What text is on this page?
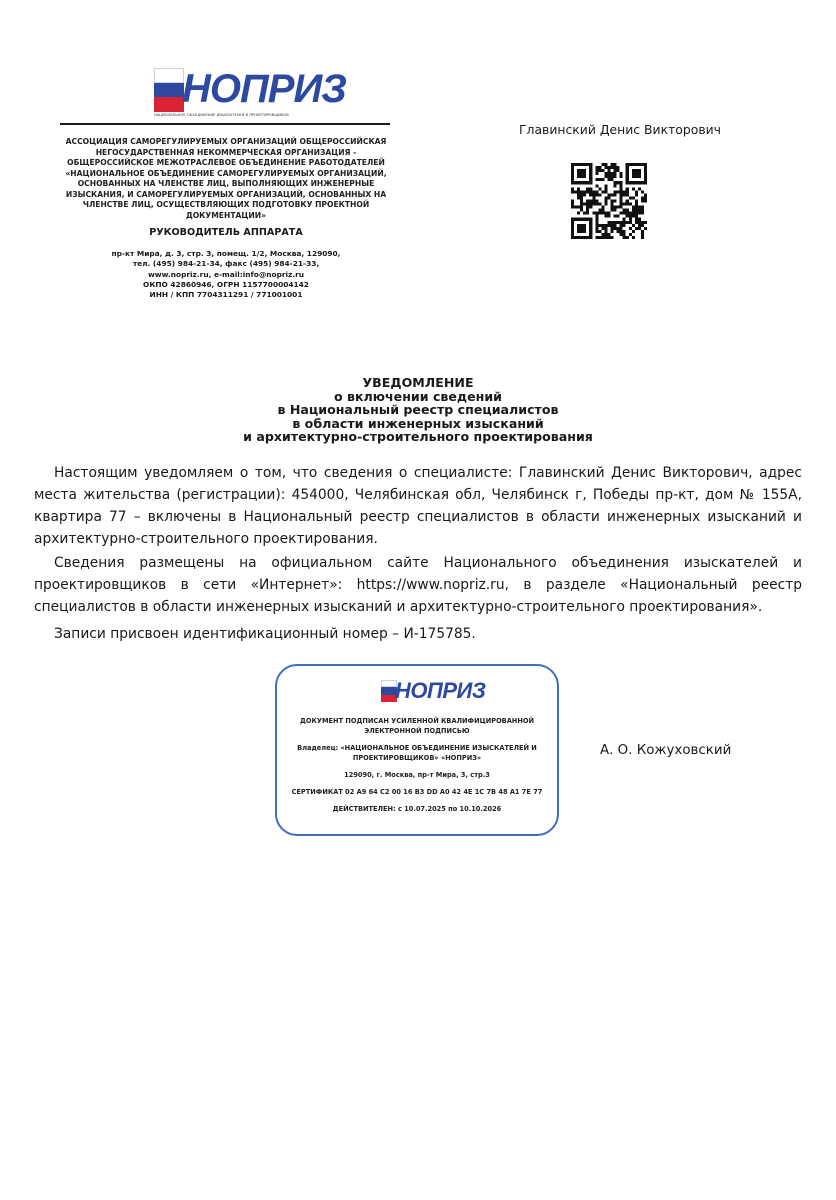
НОПРИЗ
НАЦИОНАЛЬНОЕ ОБЪЕДИНЕНИЕ ИЗЫСКАТЕЛЕЙ И ПРОЕКТИРОВЩИКОВ
АССОЦИАЦИЯ САМОРЕГУЛИРУЕМЫХ ОРГАНИЗАЦИЙ ОБЩЕРОССИЙСКАЯ
НЕГОСУДАРСТВЕННАЯ НЕКОММЕРЧЕСКАЯ ОРГАНИЗАЦИЯ -
ОБЩЕРОССИЙСКОЕ МЕЖОТРАСЛЕВОЕ ОБЪЕДИНЕНИЕ РАБОТОДАТЕЛЕЙ
«НАЦИОНАЛЬНОЕ ОБЪЕДИНЕНИЕ САМОРЕГУЛИРУЕМЫХ ОРГАНИЗАЦИЙ,
ОСНОВАННЫХ НА ЧЛЕНСТВЕ ЛИЦ, ВЫПОЛНЯЮЩИХ ИНЖЕНЕРНЫЕ
ИЗЫСКАНИЯ, И САМОРЕГУЛИРУЕМЫХ ОРГАНИЗАЦИЙ, ОСНОВАННЫХ НА
ЧЛЕНСТВЕ ЛИЦ, ОСУЩЕСТВЛЯЮЩИХ ПОДГОТОВКУ ПРОЕКТНОЙ
ДОКУМЕНТАЦИИ»
РУКОВОДИТЕЛЬ АППАРАТА
пр-кт Мира, д. 3, стр. 3, помещ. 1/2, Москва, 129090,
тел. (495) 984-21-34, факс (495) 984-21-33,
www.nopriz.ru, e-mail:info@nopriz.ru
ОКПО 42860946, ОГРН 1157700004142
ИНН / КПП 7704311291 / 771001001
Главинский Денис Викторович
УВЕДОМЛЕНИЕ
о включении сведений
в Национальный реестр специалистов
в области инженерных изысканий
и архитектурно-строительного проектирования
Настоящим уведомляем о том, что сведения о специалисте: Главинский Денис Викторович, адрес места жительства (регистрации): 454000, Челябинская обл, Челябинск г, Победы пр-кт, дом № 155А, квартира 77 – включены в Национальный реестр специалистов в области инженерных изысканий и архитектурно-строительного проектирования.
Сведения размещены на официальном сайте Национального объединения изыскателей и проектировщиков в сети «Интернет»: https://www.nopriz.ru, в разделе «Национальный реестр специалистов в области инженерных изысканий и архитектурно-строительного проектирования».
Записи присвоен идентификационный номер – И-175785.
НОПРИЗ
ДОКУМЕНТ ПОДПИСАН УСИЛЕННОЙ КВАЛИФИЦИРОВАННОЙ
ЭЛЕКТРОННОЙ ПОДПИСЬЮ
Владелец: «НАЦИОНАЛЬНОЕ ОБЪЕДИНЕНИЕ ИЗЫСКАТЕЛЕЙ И
ПРОЕКТИРОВЩИКОВ» «НОПРИЗ»
129090, г. Москва, пр-т Мира, 3, стр.3
СЕРТИФИКАТ 02 A9 64 C2 00 16 B3 DD A0 42 4E 1C 7B 48 A1 7E 77
ДЕЙСТВИТЕЛЕН: с 10.07.2025 по 10.10.2026
А. О. Кожуховский
